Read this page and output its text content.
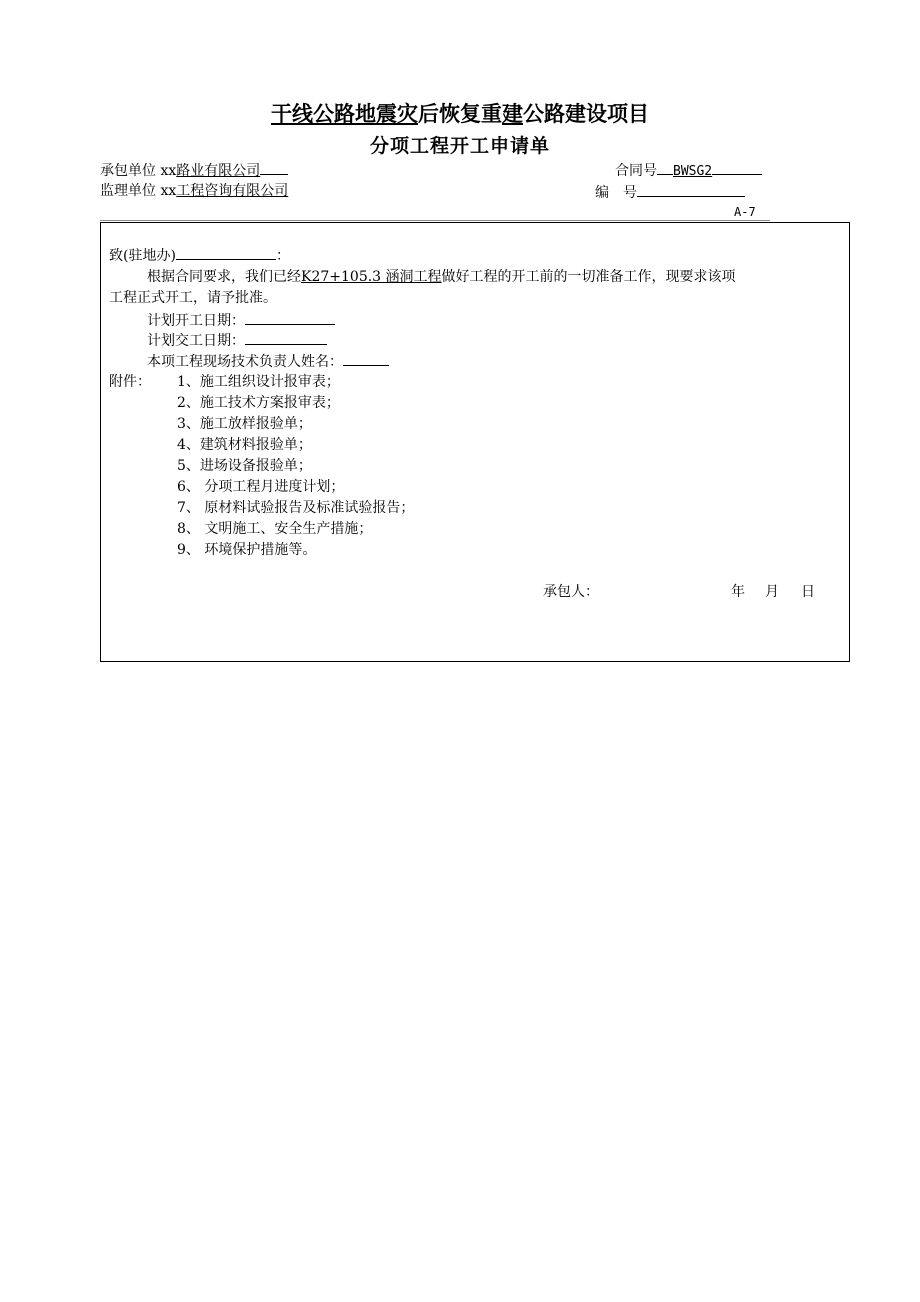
干线公路地震灾后恢复重建公路建设项目
分项工程开工申请单
承包单位 xx路业有限公司
监理单位 xx工程咨询有限公司
合同号 BWSG2
编　号
A-7
致(驻地办)	：
根据合同要求，我们已经K27+105.3 涵洞工程做好工程的开工前的一切准备工作，现要求该项
工程正式开工，请予批准。
计划开工日期：
计划交工日期：
本项工程现场技术负责人姓名：
附件： 1、施工组织设计报审表；
2、施工技术方案报审表；
3、施工放样报验单；
4、建筑材料报验单；
5、进场设备报验单；
6、 分项工程月进度计划；
7、 原材料试验报告及标准试验报告；
8、 文明施工、安全生产措施；
9、 环境保护措施等。
承包人：	年 月 日
